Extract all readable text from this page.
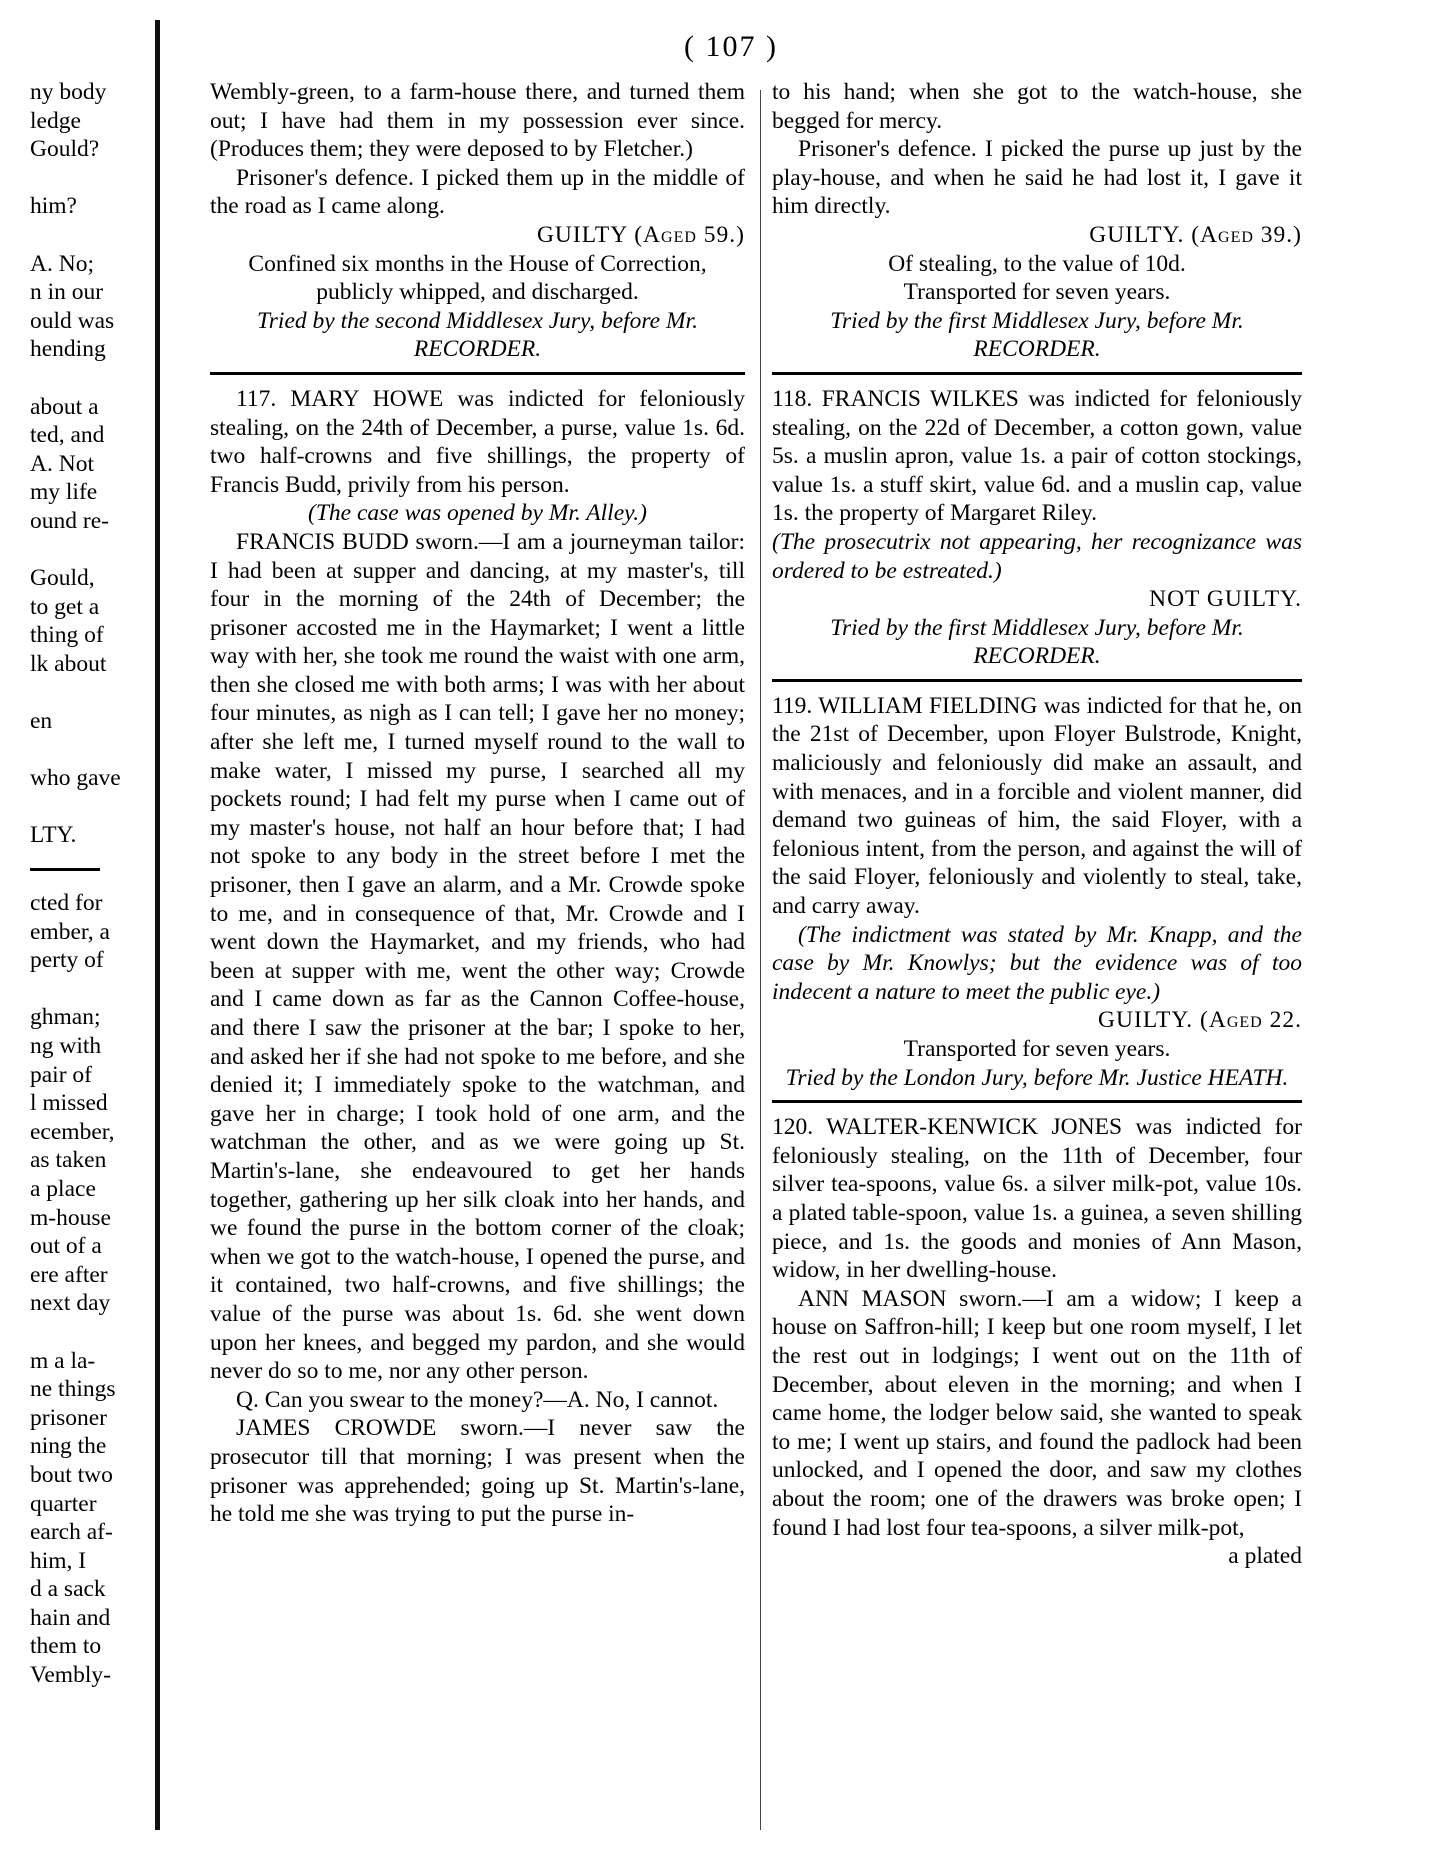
( 107 )

ny body

ledge

Gould?

him?

A. No;

n in our

ould was

hending

about a

ted, and

A. Not

my life

ound re-

Gould,

to get a

thing of

lk about

en

who gave

LTY.

cted for

ember, a

perty of

ghman;

ng with

pair of

l missed

ecember,

as taken

a place

m-house

out of a

ere after

next day

m a la-

ne things

prisoner

ning the

bout two

quarter

earch af-

him, I

d a sack

hain and

them to

Vembly-

Wembly-green, to a farm-house there, and turned them out; I have had them in my possession ever since. (Produces them; they were deposed to by Fletcher.)

Prisoner's defence. I picked them up in the middle of the road as I came along.

GUILTY (Aged 59.)

Confined six months in the House of Correction, publicly whipped, and discharged.

Tried by the second Middlesex Jury, before Mr. RECORDER.

117. MARY HOWE was indicted for feloniously stealing, on the 24th of December, a purse, value 1s. 6d. two half-crowns and five shillings, the property of Francis Budd, privily from his person.

(The case was opened by Mr. Alley.)

FRANCIS BUDD sworn.—I am a journeyman tailor: I had been at supper and dancing, at my master's, till four in the morning of the 24th of December; the prisoner accosted me in the Haymarket; I went a little way with her, she took me round the waist with one arm, then she closed me with both arms; I was with her about four minutes, as nigh as I can tell; I gave her no money; after she left me, I turned myself round to the wall to make water, I missed my purse, I searched all my pockets round; I had felt my purse when I came out of my master's house, not half an hour before that; I had not spoke to any body in the street before I met the prisoner, then I gave an alarm, and a Mr. Crowde spoke to me, and in consequence of that, Mr. Crowde and I went down the Haymarket, and my friends, who had been at supper with me, went the other way; Crowde and I came down as far as the Cannon Coffee-house, and there I saw the prisoner at the bar; I spoke to her, and asked her if she had not spoke to me before, and she denied it; I immediately spoke to the watchman, and gave her in charge; I took hold of one arm, and the watchman the other, and as we were going up St. Martin's-lane, she endeavoured to get her hands together, gathering up her silk cloak into her hands, and we found the purse in the bottom corner of the cloak; when we got to the watch-house, I opened the purse, and it contained, two half-crowns, and five shillings; the value of the purse was about 1s. 6d. she went down upon her knees, and begged my pardon, and she would never do so to me, nor any other person.

Q. Can you swear to the money?—A. No, I cannot.

JAMES CROWDE sworn.—I never saw the prosecutor till that morning; I was present when the prisoner was apprehended; going up St. Martin's-lane, he told me she was trying to put the purse in-

to his hand; when she got to the watch-house, she begged for mercy.

Prisoner's defence. I picked the purse up just by the play-house, and when he said he had lost it, I gave it him directly.

GUILTY. (Aged 39.)

Of stealing, to the value of 10d.

Transported for seven years.

Tried by the first Middlesex Jury, before Mr. RECORDER.

118. FRANCIS WILKES was indicted for feloniously stealing, on the 22d of December, a cotton gown, value 5s. a muslin apron, value 1s. a pair of cotton stockings, value 1s. a stuff skirt, value 6d. and a muslin cap, value 1s. the property of Margaret Riley.

(The prosecutrix not appearing, her recognizance was ordered to be estreated.)

NOT GUILTY.

Tried by the first Middlesex Jury, before Mr. RECORDER.

119. WILLIAM FIELDING was indicted for that he, on the 21st of December, upon Floyer Bulstrode, Knight, maliciously and feloniously did make an assault, and with menaces, and in a forcible and violent manner, did demand two guineas of him, the said Floyer, with a felonious intent, from the person, and against the will of the said Floyer, feloniously and violently to steal, take, and carry away.

(The indictment was stated by Mr. Knapp, and the case by Mr. Knowlys; but the evidence was of too indecent a nature to meet the public eye.)

GUILTY. (Aged 22.

Transported for seven years.

Tried by the London Jury, before Mr. Justice HEATH.

120. WALTER-KENWICK JONES was indicted for feloniously stealing, on the 11th of December, four silver tea-spoons, value 6s. a silver milk-pot, value 10s. a plated table-spoon, value 1s. a guinea, a seven shilling piece, and 1s. the goods and monies of Ann Mason, widow, in her dwelling-house.

ANN MASON sworn.—I am a widow; I keep a house on Saffron-hill; I keep but one room myself, I let the rest out in lodgings; I went out on the 11th of December, about eleven in the morning; and when I came home, the lodger below said, she wanted to speak to me; I went up stairs, and found the padlock had been unlocked, and I opened the door, and saw my clothes about the room; one of the drawers was broke open; I found I had lost four tea-spoons, a silver milk-pot,

a plated
